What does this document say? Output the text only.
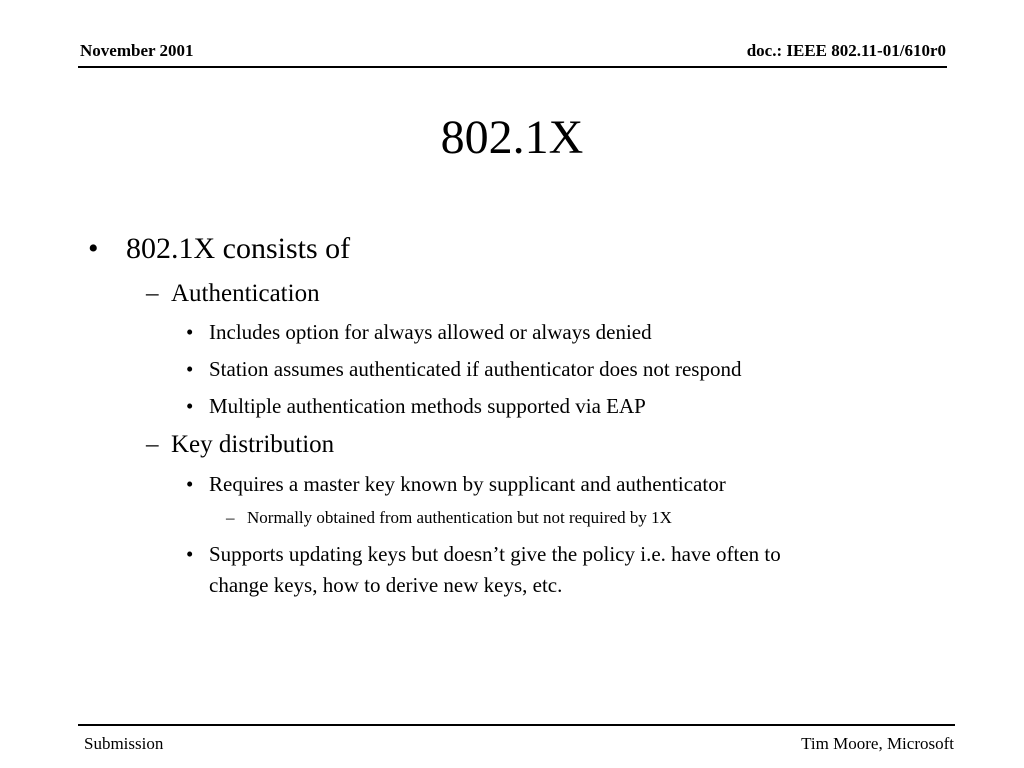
November 2001	doc.: IEEE 802.11-01/610r0
802.1X
• 802.1X consists of
– Authentication
• Includes option for always allowed or always denied
• Station assumes authenticated if authenticator does not respond
• Multiple authentication methods supported via EAP
– Key distribution
• Requires a master key known by supplicant and authenticator
– Normally obtained from authentication but not required by 1X
• Supports updating keys but doesn’t give the policy i.e. have often to
change keys, how to derive new keys, etc.
Submission	Tim Moore, Microsoft
